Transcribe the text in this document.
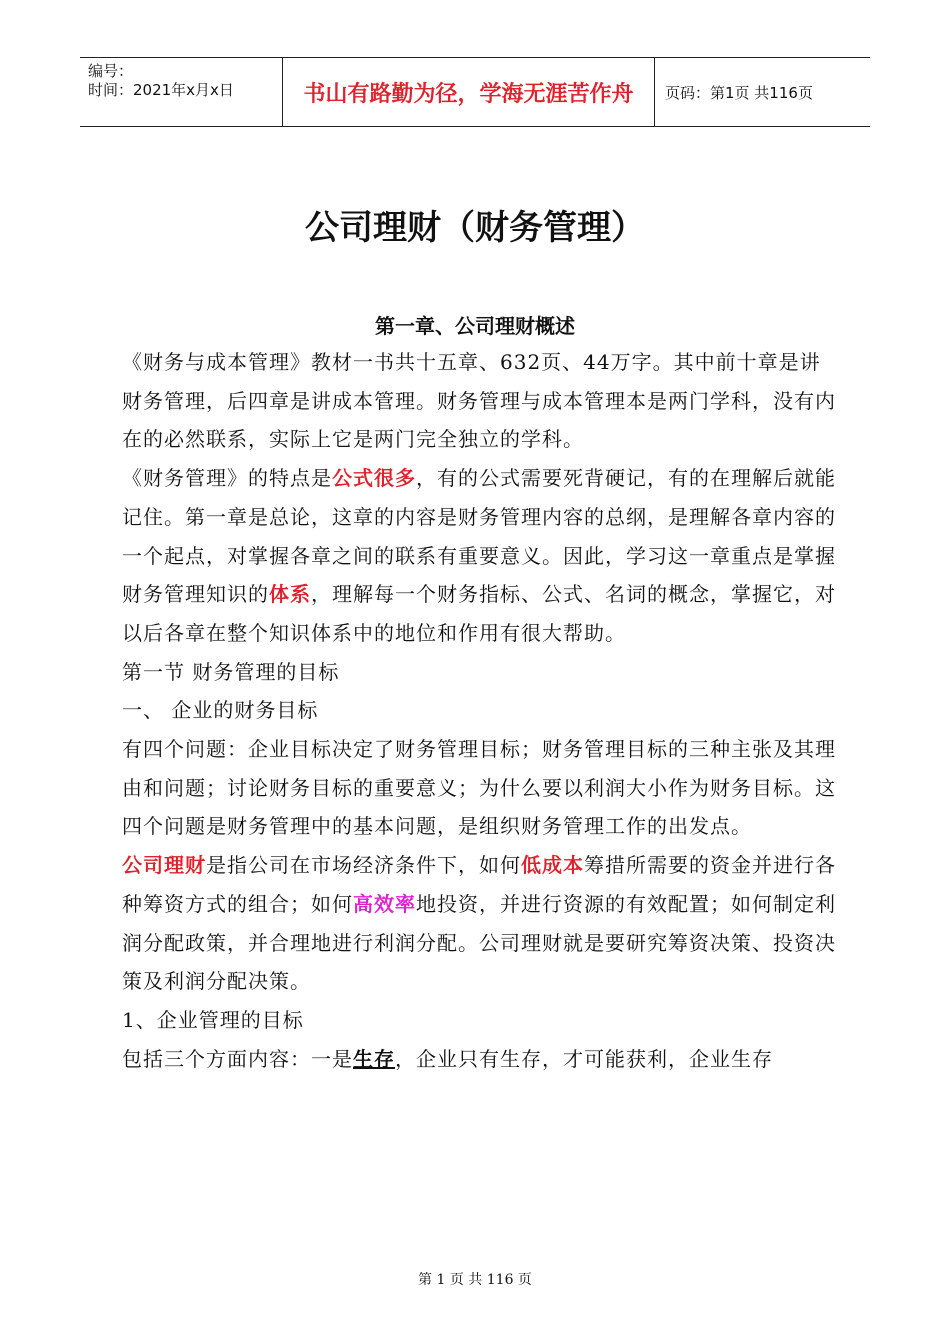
编号：
时间：2021年x月x日	书山有路勤为径，学海无涯苦作舟	页码：第1页 共116页
公司理财（财务管理）
第一章、公司理财概述

《财务与成本管理》教材一书共十五章、632页、44万字。其中前十章是讲财务管理，后四章是讲成本管理。财务管理与成本管理本是两门学科，没有内在的必然联系，实际上它是两门完全独立的学科。

《财务管理》的特点是公式很多，有的公式需要死背硬记，有的在理解后就能记住。第一章是总论，这章的内容是财务管理内容的总纲，是理解各章内容的一个起点，对掌握各章之间的联系有重要意义。因此，学习这一章重点是掌握财务管理知识的体系，理解每一个财务指标、公式、名词的概念，掌握它，对以后各章在整个知识体系中的地位和作用有很大帮助。

第一节 财务管理的目标

一、 企业的财务目标

有四个问题：企业目标决定了财务管理目标；财务管理目标的三种主张及其理由和问题；讨论财务目标的重要意义；为什么要以利润大小作为财务目标。这四个问题是财务管理中的基本问题，是组织财务管理工作的出发点。

公司理财是指公司在市场经济条件下，如何低成本筹措所需要的资金并进行各种筹资方式的组合；如何高效率地投资，并进行资源的有效配置；如何制定利润分配政策，并合理地进行利润分配。公司理财就是要研究筹资决策、投资决策及利润分配决策。

1、企业管理的目标

包括三个方面内容：一是生存，企业只有生存，才可能获利，企业生存

第 1 页 共 116 页
